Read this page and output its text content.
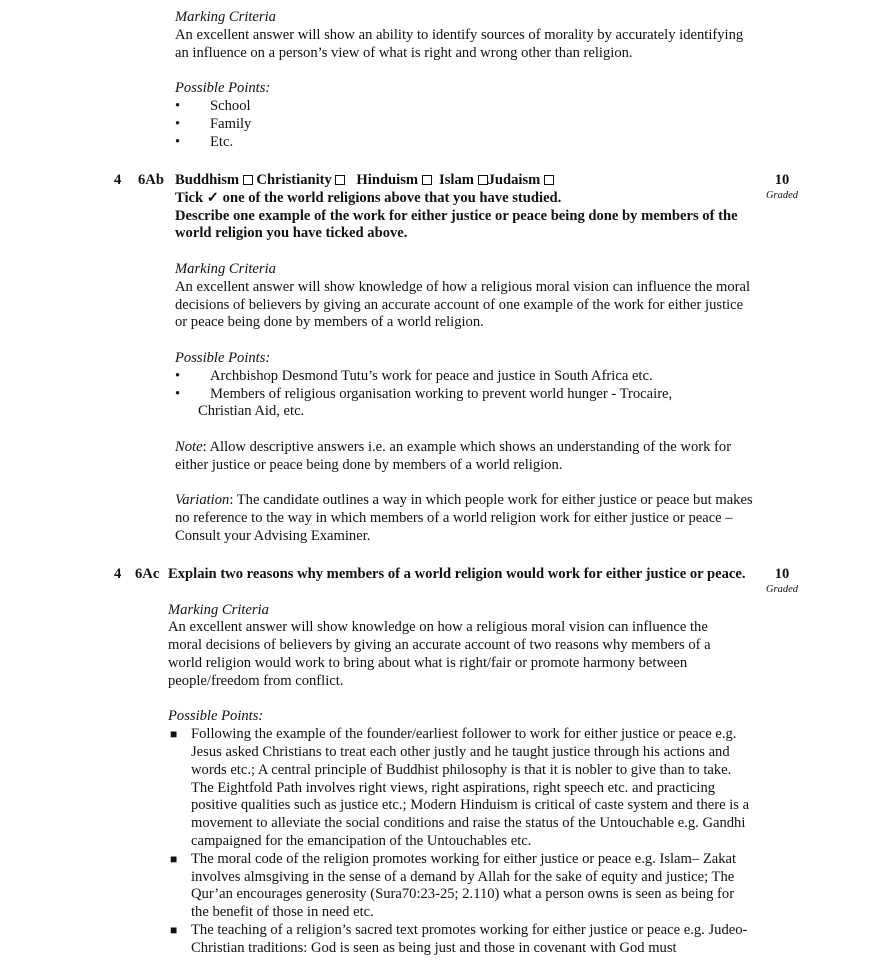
Marking Criteria

An excellent answer will show an ability to identify sources of morality by accurately identifying an influence on a person’s view of what is right and wrong other than religion.

Possible Points:

• School
• Family
• Etc.
4 6Ab	10
Graded

Buddhism Christianity Hinduism Islam Judaism

Tick ✓ one of the world religions above that you have studied.

Describe one example of the work for either justice or peace being done by members of the world religion you have ticked above.

Marking Criteria

An excellent answer will show knowledge of how a religious moral vision can influence the moral decisions of believers by giving an accurate account of one example of the work for either justice or peace being done by members of a world religion.

Possible Points:

• Archbishop Desmond Tutu’s work for peace and justice in South Africa etc.
• Members of religious organisation working to prevent world hunger - Trocaire,

Christian Aid, etc.

Note: Allow descriptive answers i.e. an example which shows an understanding of the work for either justice or peace being done by members of a world religion.

Variation: The candidate outlines a way in which people work for either justice or peace but makes no reference to the way in which members of a world religion work for either justice or peace – Consult your Advising Examiner.

4 6Ac	10
Graded

Explain two reasons why members of a world religion would work for either justice or peace.

Marking Criteria

An excellent answer will show knowledge on how a religious moral vision can influence the moral decisions of believers by giving an accurate account of two reasons why members of a world religion would work to bring about what is right/fair or promote harmony between people/freedom from conflict.

Possible Points:

■ Following the example of the founder/earliest follower to work for either justice or peace e.g. Jesus asked Christians to treat each other justly and he taught justice through his actions and words etc.; A central principle of Buddhist philosophy is that it is nobler to give than to take. The Eightfold Path involves right views, right aspirations, right speech etc. and practicing positive qualities such as justice etc.; Modern Hinduism is critical of caste system and there is a movement to alleviate the social conditions and raise the status of the Untouchable e.g. Gandhi campaigned for the emancipation of the Untouchables etc.
■ The moral code of the religion promotes working for either justice or peace e.g. Islam– Zakat involves almsgiving in the sense of a demand by Allah for the sake of equity and justice; The Qur’an encourages generosity (Sura70:23-25; 2.110) what a person owns is seen as being for the benefit of those in need etc.
■ The teaching of a religion’s sacred text promotes working for either justice or peace e.g. Judeo-Christian traditions: God is seen as being just and those in covenant with God must
